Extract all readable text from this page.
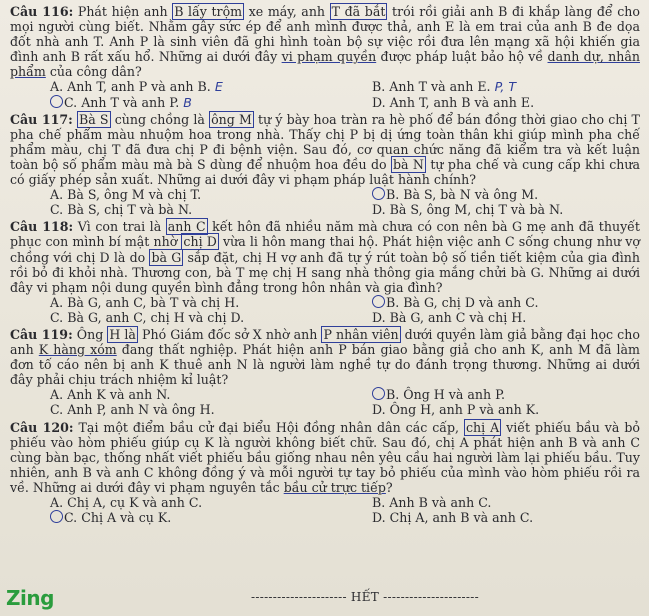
Câu 116: Phát hiện anh B lấy trộm xe máy, anh T đã bắt trói rồi giải anh B đi khắp làng để cho mọi người cùng biết. Nhằm gây sức ép để anh mình được thả, anh E là em trai của anh B đe dọa đốt nhà anh T. Anh P là sinh viên đã ghi hình toàn bộ sự việc rồi đưa lên mạng xã hội khiến gia đình anh B rất xấu hổ. Những ai dưới đây vi phạm quyền được pháp luật bảo hộ về danh dự, nhân phẩm của công dân?

A. Anh T, anh P và anh B. E	B. Anh T và anh E. P, T
C. Anh T và anh P. B	D. Anh T, anh B và anh E.

Câu 117: Bà S cùng chồng là ông M tự ý bày hoa tràn ra hè phố để bán đồng thời giao cho chị T pha chế phẩm màu nhuộm hoa trong nhà. Thấy chị P bị dị ứng toàn thân khi giúp mình pha chế phẩm màu, chị T đã đưa chị P đi bệnh viện. Sau đó, cơ quan chức năng đã kiểm tra và kết luận toàn bộ số phẩm màu mà bà S dùng để nhuộm hoa đều do bà N tự pha chế và cung cấp khi chưa có giấy phép sản xuất. Những ai dưới đây vi phạm pháp luật hành chính?

A. Bà S, ông M và chị T.	B. Bà S, bà N và ông M.
C. Bà S, chị T và bà N.	D. Bà S, ông M, chị T và bà N.

Câu 118: Vì con trai là anh C kết hôn đã nhiều năm mà chưa có con nên bà G mẹ anh đã thuyết phục con mình bí mật nhờ chị D vừa li hôn mang thai hộ. Phát hiện việc anh C sống chung như vợ chồng với chị D là do bà G sắp đặt, chị H vợ anh đã tự ý rút toàn bộ số tiền tiết kiệm của gia đình rồi bỏ đi khỏi nhà. Thương con, bà T mẹ chị H sang nhà thông gia mắng chửi bà G. Những ai dưới đây vi phạm nội dung quyền bình đẳng trong hôn nhân và gia đình?

A. Bà G, anh C, bà T và chị H.	B. Bà G, chị D và anh C.
C. Bà G, anh C, chị H và chị D.	D. Bà G, anh C và chị H.

Câu 119: Ông H là Phó Giám đốc sở X nhờ anh P nhân viên dưới quyền làm giả bằng đại học cho anh K hàng xóm đang thất nghiệp. Phát hiện anh P bán giao bằng giả cho anh K, anh M đã làm đơn tố cáo nên bị anh K thuê anh N là người làm nghề tự do đánh trọng thương. Những ai dưới đây phải chịu trách nhiệm kỉ luật?

A. Anh K và anh N.	B. Ông H và anh P.
C. Anh P, anh N và ông H.	D. Ông H, anh P và anh K.

Câu 120: Tại một điểm bầu cử đại biểu Hội đồng nhân dân các cấp, chị A viết phiếu bầu và bỏ phiếu vào hòm phiếu giúp cụ K là người không biết chữ. Sau đó, chị A phát hiện anh B và anh C cùng bàn bạc, thống nhất viết phiếu bầu giống nhau nên yêu cầu hai người làm lại phiếu bầu. Tuy nhiên, anh B và anh C không đồng ý và mỗi người tự tay bỏ phiếu của mình vào hòm phiếu rồi ra về. Những ai dưới đây vi phạm nguyên tắc bầu cử trực tiếp?

A. Chị A, cụ K và anh C.	B. Anh B và anh C.
C. Chị A và cụ K.	D. Chị A, anh B và anh C.
---------------------- HẾT ----------------------
Zing
